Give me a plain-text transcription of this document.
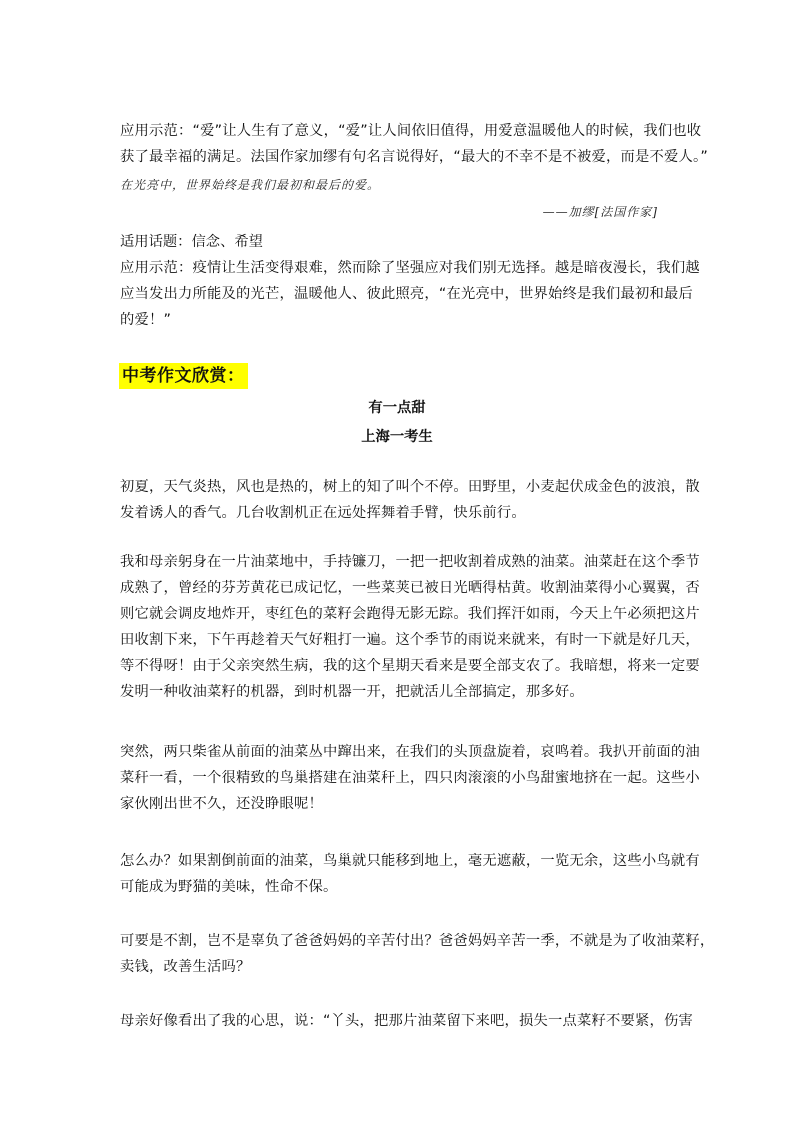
应用示范：“爱”让人生有了意义，“爱”让人间依旧值得，用爱意温暖他人的时候，我们也收
获了最幸福的满足。法国作家加缪有句名言说得好，“最大的不幸不是不被爱，而是不爱人。”
在光亮中，世界始终是我们最初和最后的爱。
——加缪[法国作家]
适用话题：信念、希望
应用示范：疫情让生活变得艰难，然而除了坚强应对我们别无选择。越是暗夜漫长，我们越
应当发出力所能及的光芒，温暖他人、彼此照亮，“在光亮中，世界始终是我们最初和最后
的爱！”
中考作文欣赏：
有一点甜
上海一考生
初夏，天气炎热，风也是热的，树上的知了叫个不停。田野里，小麦起伏成金色的波浪，散
发着诱人的香气。几台收割机正在远处挥舞着手臂，快乐前行。
我和母亲躬身在一片油菜地中，手持镰刀，一把一把收割着成熟的油菜。油菜赶在这个季节
成熟了，曾经的芬芳黄花已成记忆，一些菜荚已被日光晒得枯黄。收割油菜得小心翼翼，否
则它就会调皮地炸开，枣红色的菜籽会跑得无影无踪。我们挥汗如雨，今天上午必须把这片
田收割下来，下午再趁着天气好粗打一遍。这个季节的雨说来就来，有时一下就是好几天，
等不得呀！由于父亲突然生病，我的这个星期天看来是要全部支农了。我暗想，将来一定要
发明一种收油菜籽的机器，到时机器一开，把就活儿全部搞定，那多好。
突然，两只柴雀从前面的油菜丛中蹿出来，在我们的头顶盘旋着，哀鸣着。我扒开前面的油
菜秆一看，一个很精致的鸟巢搭建在油菜秆上，四只肉滚滚的小鸟甜蜜地挤在一起。这些小
家伙刚出世不久，还没睁眼呢！
怎么办？如果割倒前面的油菜，鸟巢就只能移到地上，毫无遮蔽，一览无余，这些小鸟就有
可能成为野猫的美味，性命不保。
可要是不割，岂不是辜负了爸爸妈妈的辛苦付出？爸爸妈妈辛苦一季，不就是为了收油菜籽，
卖钱，改善生活吗？
母亲好像看出了我的心思，说：“丫头，把那片油菜留下来吧，损失一点菜籽不要紧，伤害
